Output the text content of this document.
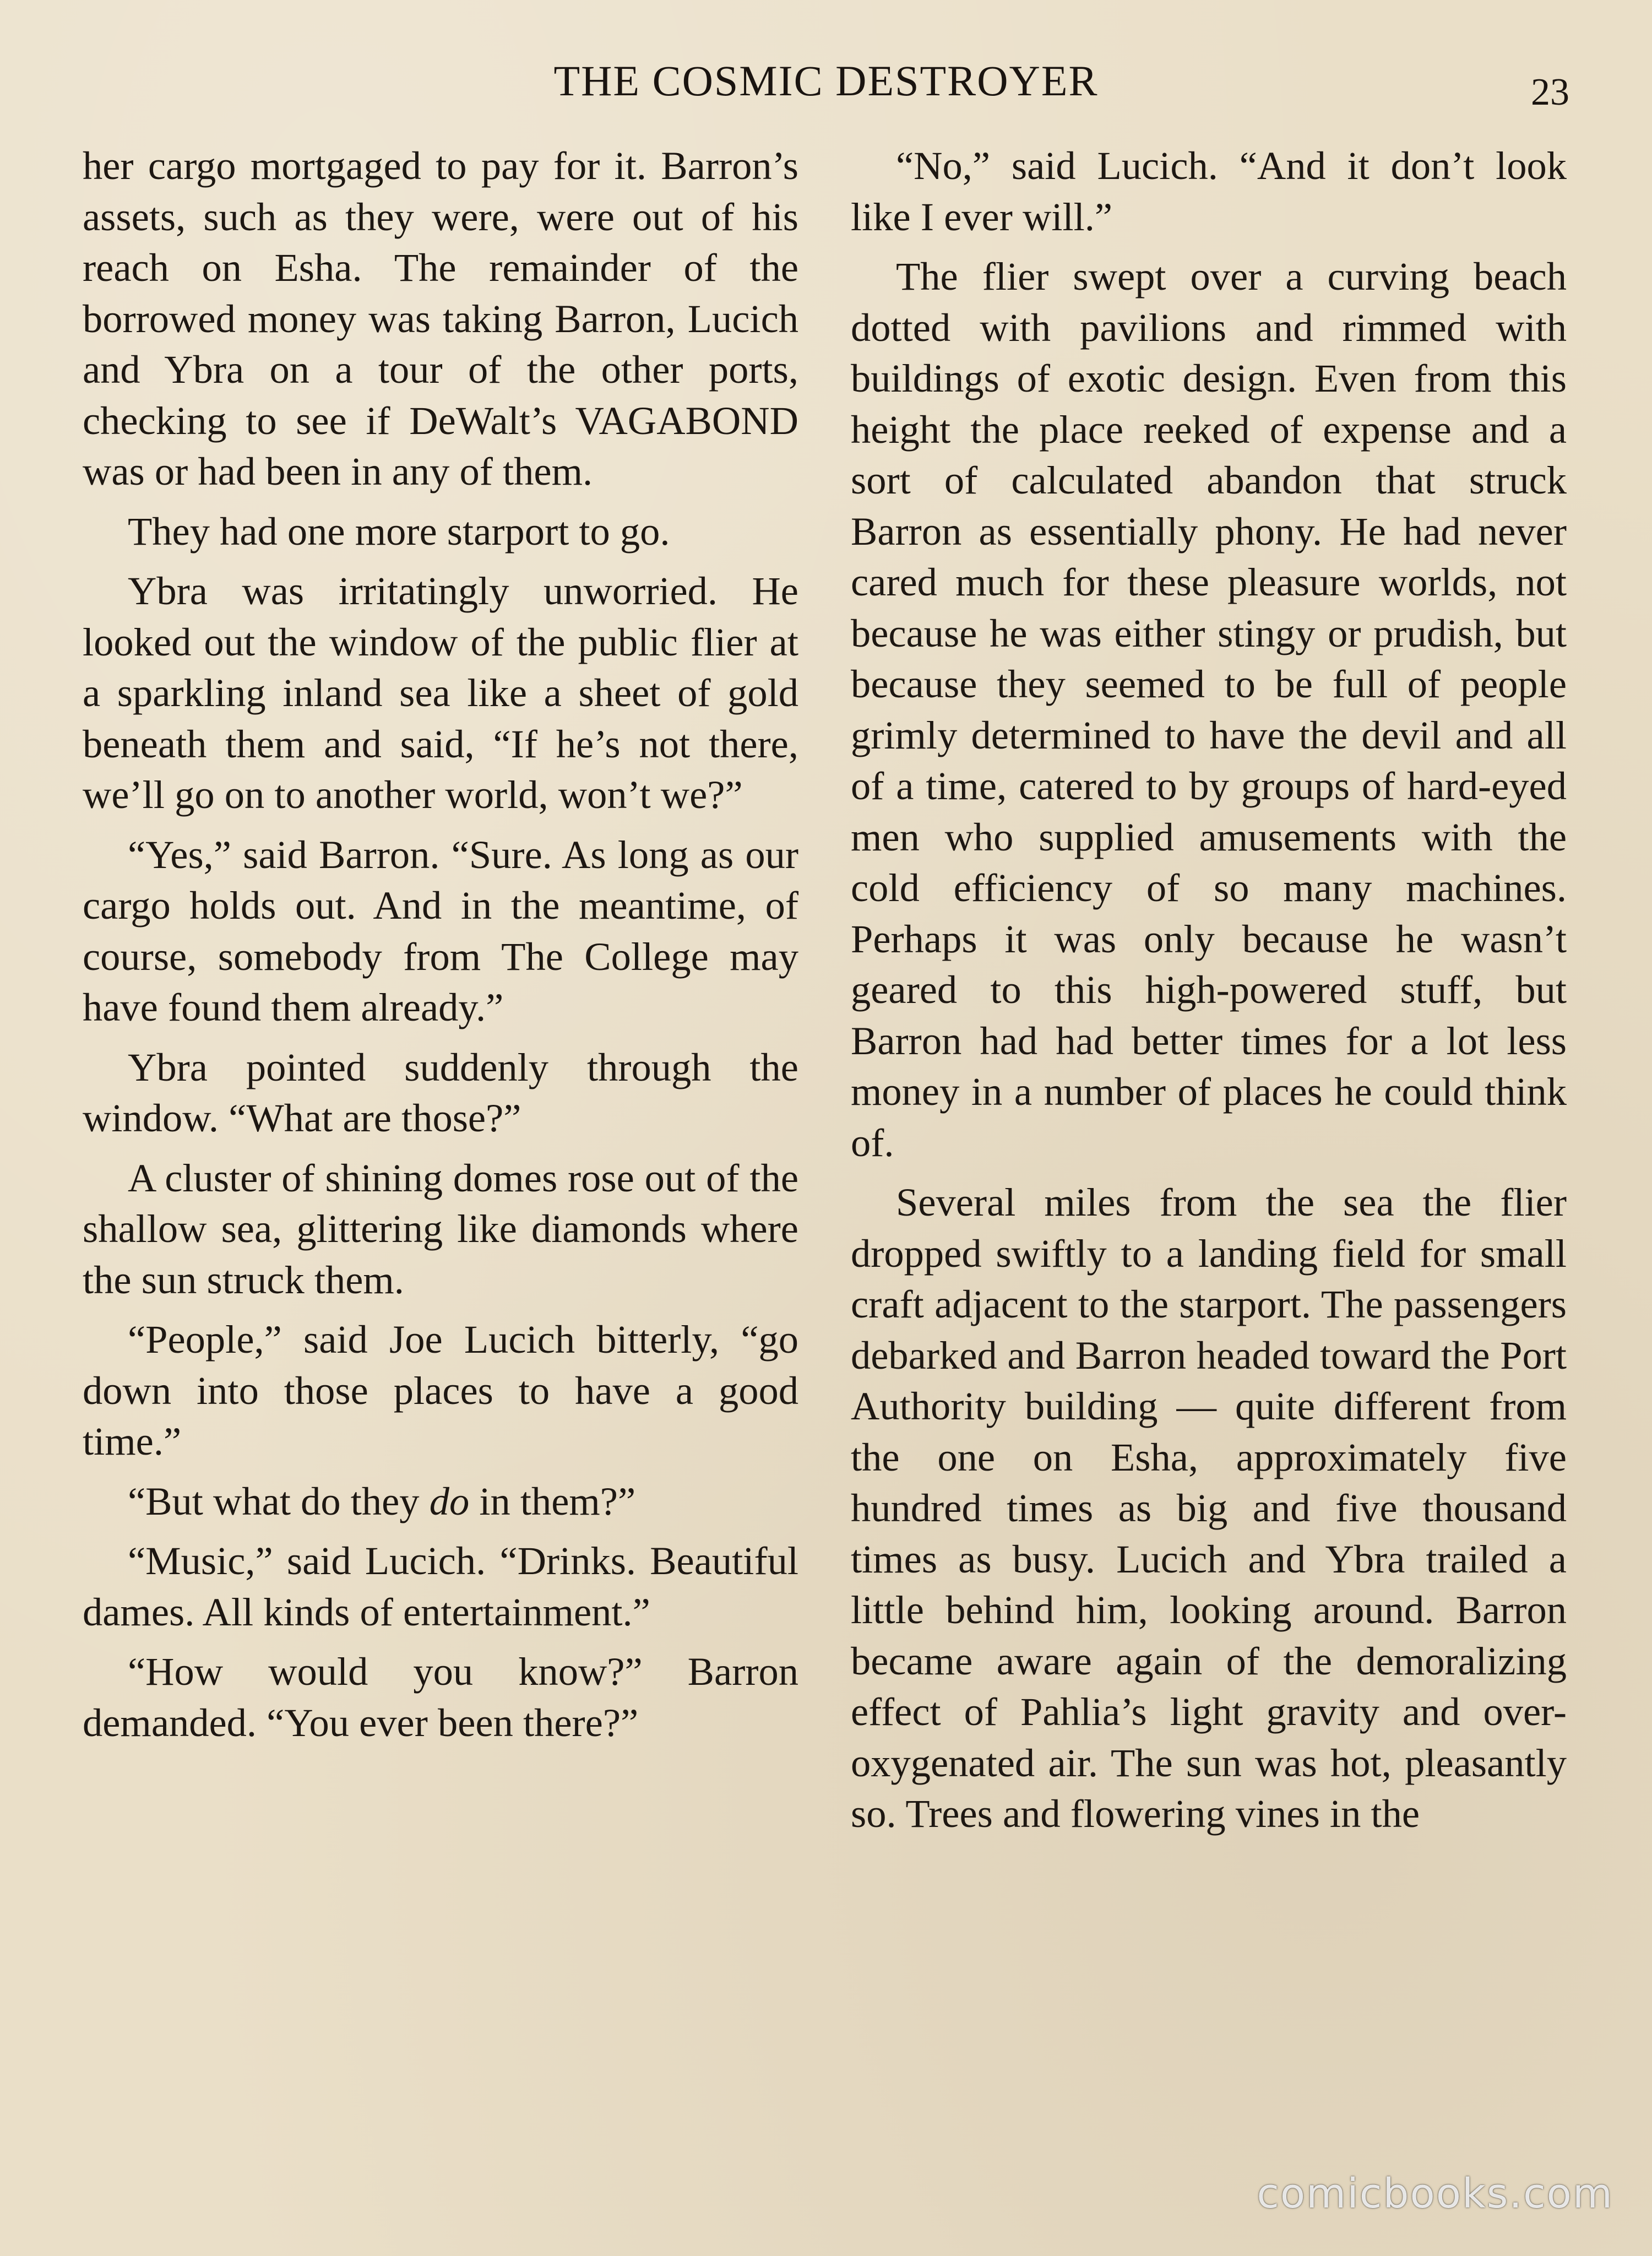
THE COSMIC DESTROYER	23

her cargo mortgaged to pay for it. Barron’s assets, such as they were, were out of his reach on Esha. The remainder of the borrowed money was taking Barron, Lucich and Ybra on a tour of the other ports, checking to see if DeWalt’s VAGABOND was or had been in any of them.

They had one more starport to go.

Ybra was irritatingly unworried. He looked out the window of the public flier at a sparkling inland sea like a sheet of gold beneath them and said, “If he’s not there, we’ll go on to another world, won’t we?”

“Yes,” said Barron. “Sure. As long as our cargo holds out. And in the meantime, of course, somebody from The College may have found them already.”

Ybra pointed suddenly through the window. “What are those?”

A cluster of shining domes rose out of the shallow sea, glittering like diamonds where the sun struck them.

“People,” said Joe Lucich bitterly, “go down into those places to have a good time.”

“But what do they do in them?”

“Music,” said Lucich. “Drinks. Beautiful dames. All kinds of entertainment.”

“How would you know?” Barron demanded. “You ever been there?”

“No,” said Lucich. “And it don’t look like I ever will.”

The flier swept over a curving beach dotted with pavilions and rimmed with buildings of exotic design. Even from this height the place reeked of expense and a sort of calculated abandon that struck Barron as essentially phony. He had never cared much for these pleasure worlds, not because he was either stingy or prudish, but because they seemed to be full of people grimly determined to have the devil and all of a time, catered to by groups of hard-eyed men who supplied amusements with the cold efficiency of so many machines. Perhaps it was only because he wasn’t geared to this high-powered stuff, but Barron had had better times for a lot less money in a number of places he could think of.

Several miles from the sea the flier dropped swiftly to a landing field for small craft adjacent to the starport. The passengers debarked and Barron headed toward the Port Authority building — quite different from the one on Esha, approximately five hundred times as big and five thousand times as busy. Lucich and Ybra trailed a little behind him, looking around. Barron became aware again of the demoralizing effect of Pahlia’s light gravity and over-oxygenated air. The sun was hot, pleasantly so. Trees and flowering vines in the

comicbooks.com
